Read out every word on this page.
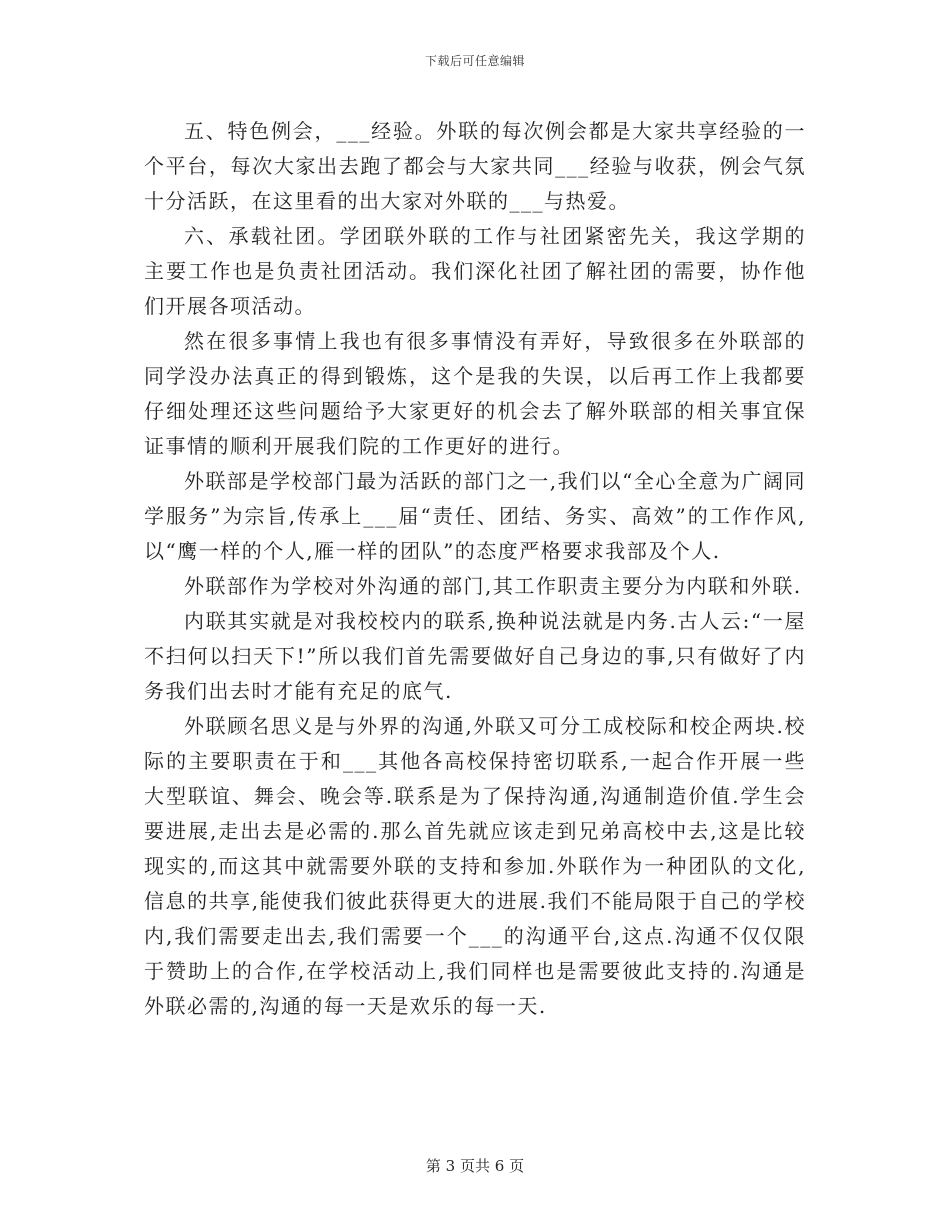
下载后可任意编辑

五、特色例会，___经验。外联的每次例会都是大家共享经验的一个平台，每次大家出去跑了都会与大家共同___经验与收获，例会气氛十分活跃，在这里看的出大家对外联的___与热爱。

六、承载社团。学团联外联的工作与社团紧密先关，我这学期的主要工作也是负责社团活动。我们深化社团了解社团的需要，协作他们开展各项活动。

然在很多事情上我也有很多事情没有弄好，导致很多在外联部的同学没办法真正的得到锻炼，这个是我的失误，以后再工作上我都要仔细处理还这些问题给予大家更好的机会去了解外联部的相关事宜保证事情的顺利开展我们院的工作更好的进行。

外联部是学校部门最为活跃的部门之一,我们以“全心全意为广阔同学服务”为宗旨,传承上___届“责任、团结、务实、高效”的工作作风,以“鹰一样的个人,雁一样的团队”的态度严格要求我部及个人.

外联部作为学校对外沟通的部门,其工作职责主要分为内联和外联.

内联其实就是对我校校内的联系,换种说法就是内务.古人云:“一屋不扫何以扫天下!”所以我们首先需要做好自己身边的事,只有做好了内务我们出去时才能有充足的底气.

外联顾名思义是与外界的沟通,外联又可分工成校际和校企两块.校际的主要职责在于和___其他各高校保持密切联系,一起合作开展一些大型联谊、舞会、晚会等.联系是为了保持沟通,沟通制造价值.学生会要进展,走出去是必需的.那么首先就应该走到兄弟高校中去,这是比较现实的,而这其中就需要外联的支持和参加.外联作为一种团队的文化,信息的共享,能使我们彼此获得更大的进展.我们不能局限于自己的学校内,我们需要走出去,我们需要一个___的沟通平台,这点.沟通不仅仅限于赞助上的合作,在学校活动上,我们同样也是需要彼此支持的.沟通是外联必需的,沟通的每一天是欢乐的每一天.

第 3 页共 6 页
